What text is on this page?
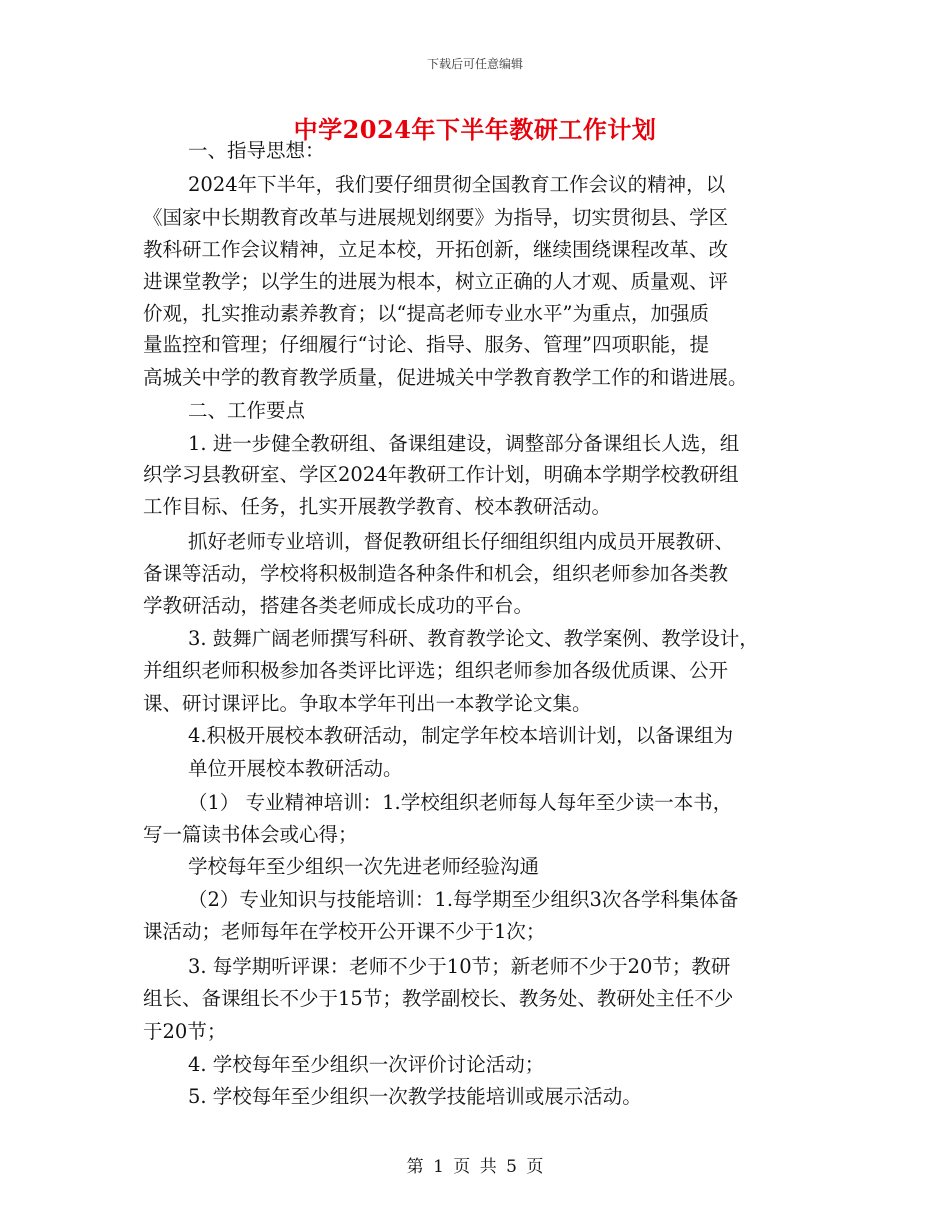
下载后可任意编辑
中学2024年下半年教研工作计划
一、指导思想：
2024年下半年，我们要仔细贯彻全国教育工作会议的精神，以
《国家中长期教育改革与进展规划纲要》为指导，切实贯彻县、学区
教科研工作会议精神，立足本校，开拓创新，继续围绕课程改革、改
进课堂教学；以学生的进展为根本，树立正确的人才观、质量观、评
价观，扎实推动素养教育；以“提高老师专业水平”为重点，加强质
量监控和管理；仔细履行“讨论、指导、服务、管理”四项职能，提
高城关中学的教育教学质量，促进城关中学教育教学工作的和谐进展。
二、工作要点
1. 进一步健全教研组、备课组建设，调整部分备课组长人选，组
织学习县教研室、学区2024年教研工作计划，明确本学期学校教研组
工作目标、任务，扎实开展教学教育、校本教研活动。
抓好老师专业培训，督促教研组长仔细组织组内成员开展教研、
备课等活动，学校将积极制造各种条件和机会，组织老师参加各类教
学教研活动，搭建各类老师成长成功的平台。
3. 鼓舞广阔老师撰写科研、教育教学论文、教学案例、教学设计，
并组织老师积极参加各类评比评选；组织老师参加各级优质课、公开
课、研讨课评比。争取本学年刊出一本教学论文集。
4.积极开展校本教研活动，制定学年校本培训计划，以备课组为
单位开展校本教研活动。
（1） 专业精神培训：1.学校组织老师每人每年至少读一本书，
写一篇读书体会或心得；
学校每年至少组织一次先进老师经验沟通
（2）专业知识与技能培训：1.每学期至少组织3次各学科集体备
课活动；老师每年在学校开公开课不少于1次；
3. 每学期听评课：老师不少于10节；新老师不少于20节；教研
组长、备课组长不少于15节；教学副校长、教务处、教研处主任不少
于20节；
4. 学校每年至少组织一次评价讨论活动；
5. 学校每年至少组织一次教学技能培训或展示活动。
第 1 页 共 5 页
